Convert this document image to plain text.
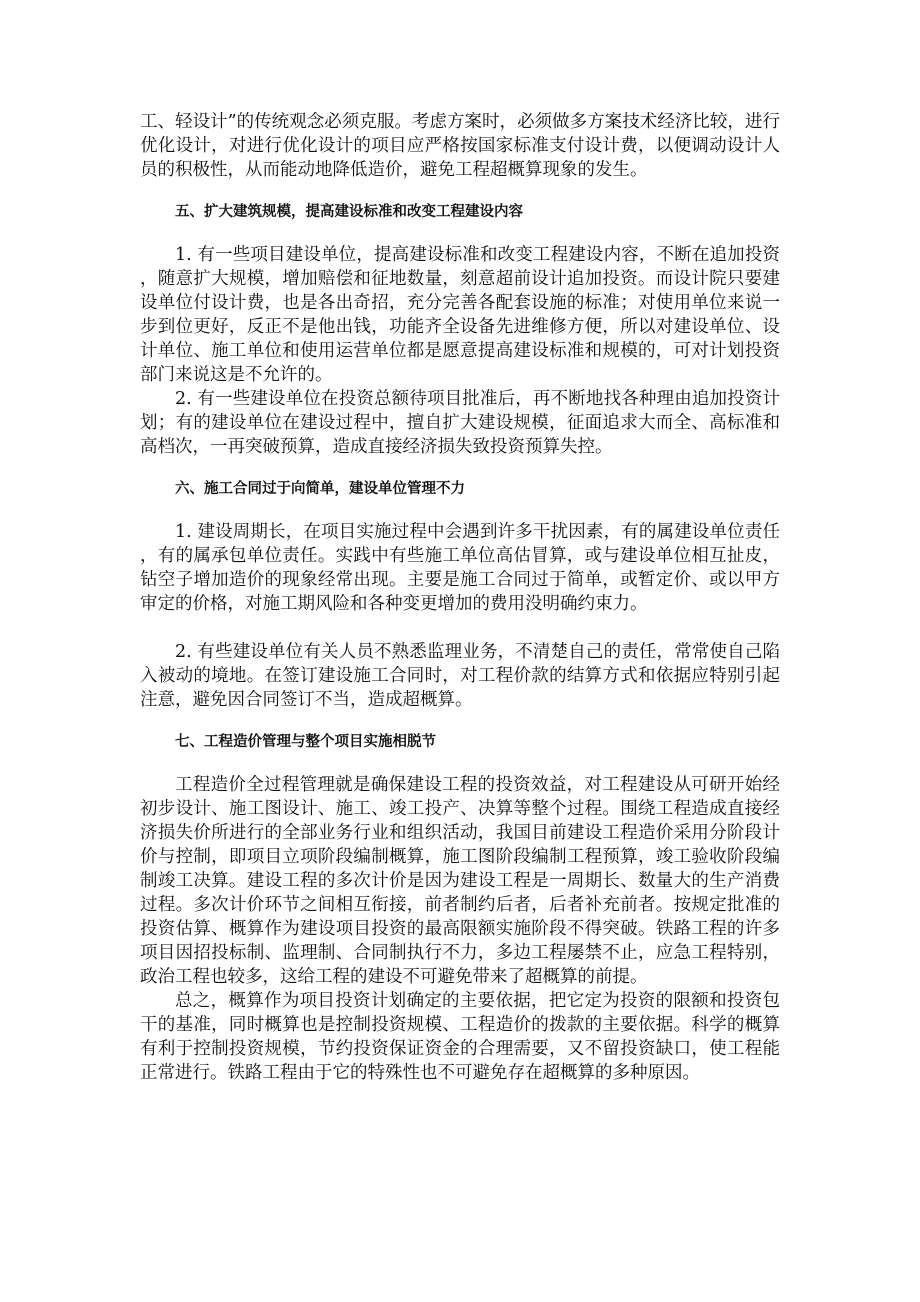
工、轻设计”的传统观念必须克服。考虑方案时，必须做多方案技术经济比较，进行优化设计，对进行优化设计的项目应严格按国家标准支付设计费，以便调动设计人员的积极性，从而能动地降低造价，避免工程超概算现象的发生。

五、扩大建筑规模，提高建设标准和改变工程建设内容

1. 有一些项目建设单位，提高建设标准和改变工程建设内容，不断在追加投资，随意扩大规模，增加赔偿和征地数量，刻意超前设计追加投资。而设计院只要建设单位付设计费，也是各出奇招，充分完善各配套设施的标准；对使用单位来说一步到位更好，反正不是他出钱，功能齐全设备先进维修方便，所以对建设单位、设计单位、施工单位和使用运营单位都是愿意提高建设标准和规模的，可对计划投资部门来说这是不允许的。

2. 有一些建设单位在投资总额待项目批准后，再不断地找各种理由追加投资计划；有的建设单位在建设过程中，擅自扩大建设规模，征面追求大而全、高标准和高档次，一再突破预算，造成直接经济损失致投资预算失控。

六、施工合同过于向简单，建设单位管理不力

1. 建设周期长，在项目实施过程中会遇到许多干扰因素，有的属建设单位责任，有的属承包单位责任。实践中有些施工单位高估冒算，或与建设单位相互扯皮，钻空子增加造价的现象经常出现。主要是施工合同过于简单，或暂定价、或以甲方审定的价格，对施工期风险和各种变更增加的费用没明确约束力。

2. 有些建设单位有关人员不熟悉监理业务，不清楚自己的责任，常常使自己陷入被动的境地。在签订建设施工合同时，对工程价款的结算方式和依据应特别引起注意，避免因合同签订不当，造成超概算。

七、工程造价管理与整个项目实施相脱节

工程造价全过程管理就是确保建设工程的投资效益，对工程建设从可研开始经初步设计、施工图设计、施工、竣工投产、决算等整个过程。围绕工程造成直接经济损失价所进行的全部业务行业和组织活动，我国目前建设工程造价采用分阶段计价与控制，即项目立项阶段编制概算，施工图阶段编制工程预算，竣工验收阶段编制竣工决算。建设工程的多次计价是因为建设工程是一周期长、数量大的生产消费过程。多次计价环节之间相互衔接，前者制约后者，后者补充前者。按规定批准的投资估算、概算作为建设项目投资的最高限额实施阶段不得突破。铁路工程的许多项目因招投标制、监理制、合同制执行不力，多边工程屡禁不止，应急工程特别，政治工程也较多，这给工程的建设不可避免带来了超概算的前提。

总之，概算作为项目投资计划确定的主要依据，把它定为投资的限额和投资包干的基准，同时概算也是控制投资规模、工程造价的拨款的主要依据。科学的概算有利于控制投资规模，节约投资保证资金的合理需要，又不留投资缺口，使工程能正常进行。铁路工程由于它的特殊性也不可避免存在超概算的多种原因。
